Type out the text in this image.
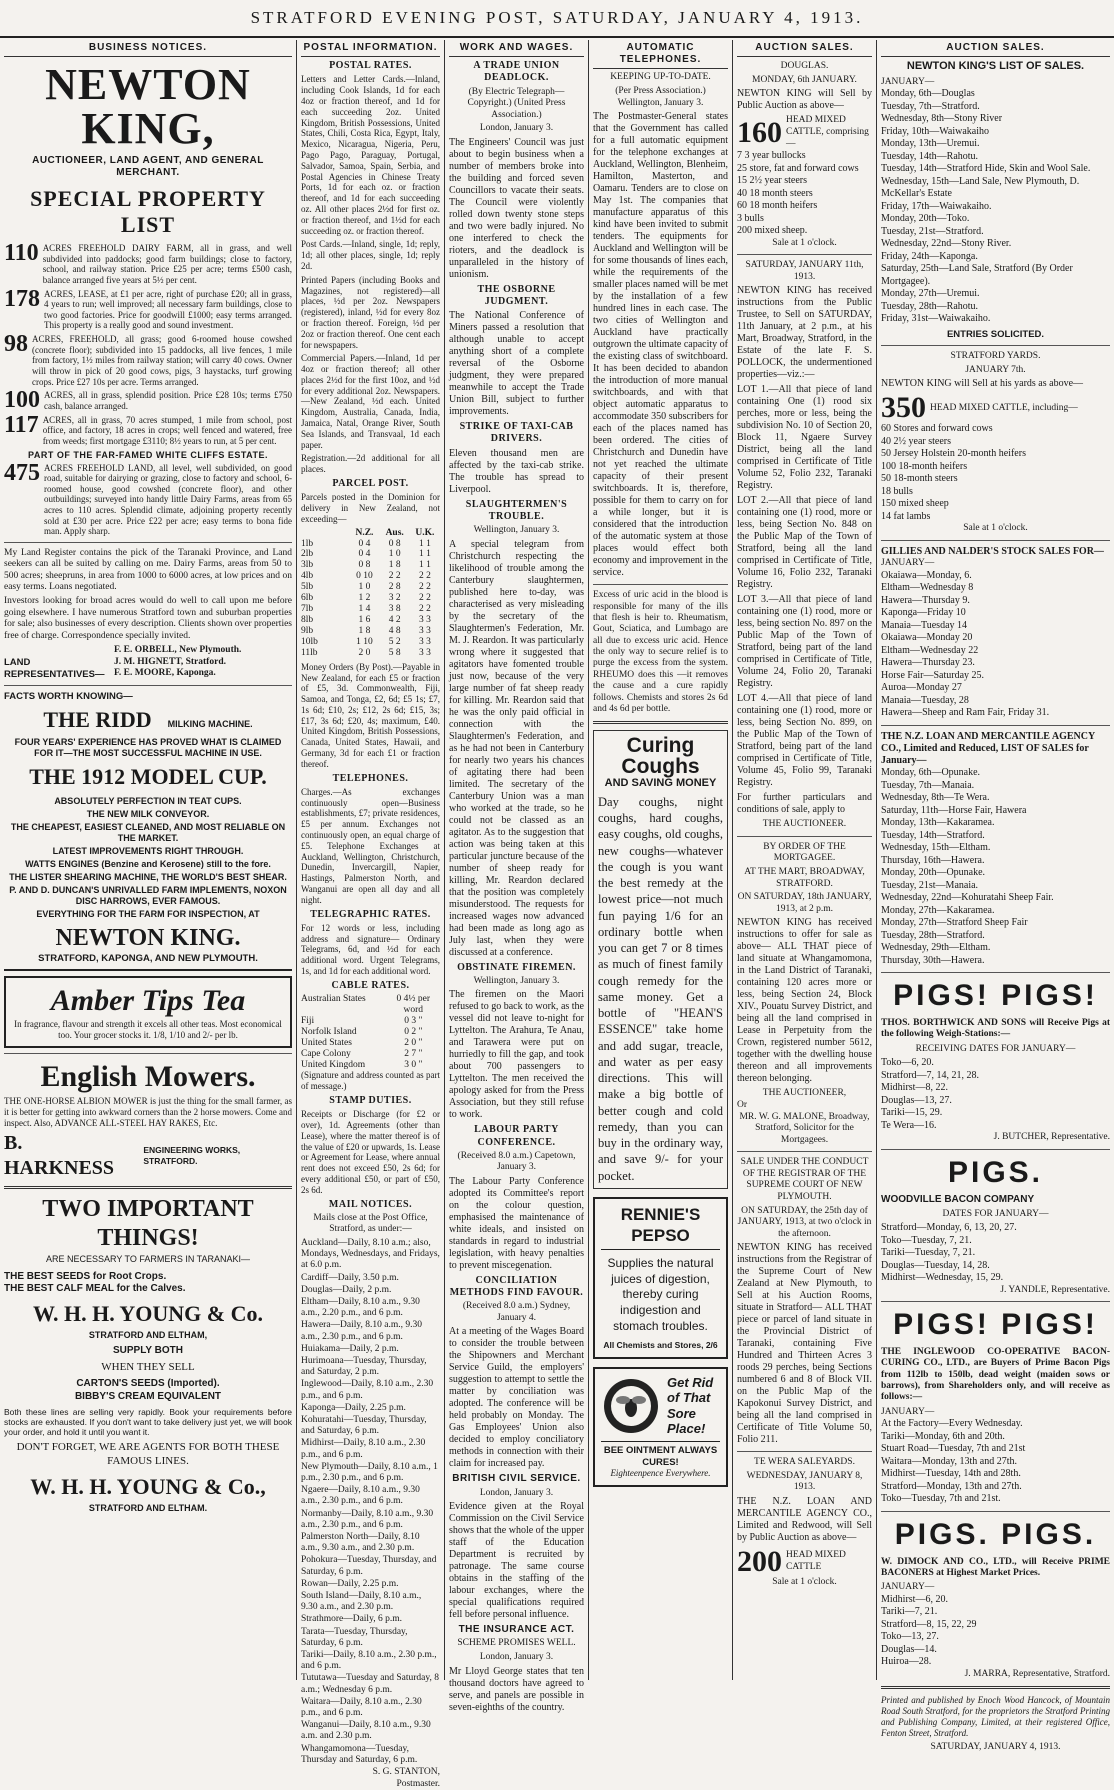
STRATFORD EVENING POST, SATURDAY, JANUARY 4, 1913.
BUSINESS NOTICES.
NEWTON KING,
AUCTIONEER, LAND AGENT, AND GENERAL MERCHANT.
SPECIAL PROPERTY LIST
110 ACRES FREEHOLD DAIRY FARM, all in grass, and well subdivided into paddocks; good farm buildings; close to factory, school, and railway station. Price £25 per acre; terms £500 cash, balance arranged five years at 5½ per cent.
178 ACRES, LEASE, at £1 per acre, right of purchase £20; all in grass, 4 years to run; well improved; all necessary farm buildings, close to two good factories. Price for goodwill £1000; easy terms arranged. This property is a really good and sound investment.
98 ACRES, FREEHOLD, all grass; good 6-roomed house cowshed (concrete floor); subdivided into 15 paddocks, all live fences, 1 mile from factory, 1½ miles from railway station; will carry 40 cows. Owner will throw in pick of 20 good cows, pigs, 3 haystacks, turf growing crops. Price £27 10s per acre. Terms arranged.
100 ACRES, all in grass, splendid position. Price £28 10s; terms £750 cash, balance arranged.
117 ACRES, all in grass, 70 acres stumped, 1 mile from school, post office, and factory, 18 acres in crops; well fenced and watered, free from weeds; first mortgage £3110; 8½ years to run, at 5 per cent.
PART OF THE FAR-FAMED WHITE CLIFFS ESTATE.
475 ACRES FREEHOLD LAND, all level, well subdivided, on good road, suitable for dairying or grazing, close to factory and school, 6-roomed house, good cowshed (concrete floor), and other outbuildings; surveyed into handy little Dairy Farms, areas from 65 acres to 110 acres. Splendid climate, adjoining property recently sold at £30 per acre. Price £22 per acre; easy terms to bona fide man. Apply sharp.
My Land Register contains the pick of the Taranaki Province, and Land seekers can all be suited by calling on me. Dairy Farms, areas from 50 to 500 acres; sheepruns, in area from 1000 to 6000 acres, at low prices and on easy terms. Loans negotiated.
Investors looking for broad acres would do well to call upon me before going elsewhere. I have numerous Stratford town and suburban properties for sale; also businesses of every description. Clients shown over properties free of charge. Correspondence specially invited.
LAND REPRESENTATIVES—
F. E. ORBELL, New Plymouth.
J. M. HIGNETT, Stratford.
F. E. MOORE, Kaponga.
FACTS WORTH KNOWING—
THE RIDD MILKING MACHINE.
FOUR YEARS' EXPERIENCE HAS PROVED WHAT IS CLAIMED FOR IT—THE MOST SUCCESSFUL MACHINE IN USE.
THE 1912 MODEL CUP.
ABSOLUTELY PERFECTION IN TEAT CUPS.
THE NEW MILK CONVEYOR.
THE CHEAPEST, EASIEST CLEANED, AND MOST RELIABLE ON THE MARKET.
LATEST IMPROVEMENTS RIGHT THROUGH.
WATTS ENGINES (Benzine and Kerosene) still to the fore.
THE LISTER SHEARING MACHINE, THE WORLD'S BEST SHEAR.
P. AND D. DUNCAN'S UNRIVALLED FARM IMPLEMENTS, NOXON DISC HARROWS, EVER FAMOUS.
EVERYTHING FOR THE FARM FOR INSPECTION, AT
NEWTON KING.
STRATFORD, KAPONGA, AND NEW PLYMOUTH.
Amber Tips Tea
In fragrance, flavour and strength it excels all other teas. Most economical too. Your grocer stocks it. 1/8, 1/10 and 2/- per lb.
English Mowers.
THE ONE-HORSE ALBION MOWER is just the thing for the small farmer, as it is better for getting into awkward corners than the 2 horse mowers. Come and inspect. Also, ADVANCE ALL-STEEL HAY RAKES, Etc.
B. HARKNESS
ENGINEERING WORKS, STRATFORD.
TWO IMPORTANT THINGS!
ARE NECESSARY TO FARMERS IN TARANAKI—
THE BEST SEEDS for Root Crops.
THE BEST CALF MEAL for the Calves.
W. H. H. YOUNG & Co.
STRATFORD AND ELTHAM,
SUPPLY BOTH
WHEN THEY SELL
CARTON'S SEEDS (Imported).
BIBBY'S CREAM EQUIVALENT
Both these lines are selling very rapidly. Book your requirements before stocks are exhausted. If you don't want to take delivery just yet, we will book your order, and hold it until you want it.
DON'T FORGET, WE ARE AGENTS FOR BOTH THESE FAMOUS LINES.
W. H. H. YOUNG & Co.,
STRATFORD AND ELTHAM.
POSTAL INFORMATION.
POSTAL RATES.
Letters and Letter Cards.—Inland, including Cook Islands, 1d for each 4oz or fraction thereof, and 1d for each succeeding 2oz. United Kingdom, British Possessions, United States, Chili, Costa Rica, Egypt, Italy, Mexico, Nicaragua, Nigeria, Peru, Pago Pago, Paraguay, Portugal, Salvador, Samoa, Spain, Serbia, and Postal Agencies in Chinese Treaty Ports, 1d for each oz. or fraction thereof, and 1d for each succeeding oz. All other places 2½d for first oz. or fraction thereof, and 1½d for each succeeding oz. or fraction thereof.
Post Cards.—Inland, single, 1d; reply, 1d; all other places, single, 1d; reply 2d.
Printed Papers (including Books and Magazines, not registered)—all places, ½d per 2oz. Newspapers (registered), inland, ½d for every 8oz or fraction thereof. Foreign, ½d per 2oz or fraction thereof. One cent each for newspapers.
Commercial Papers.—Inland, 1d per 4oz or fraction thereof; all other places 2½d for the first 10oz, and ½d for every additional 2oz. Newspapers.—New Zealand, ½d each. United Kingdom, Australia, Canada, India, Jamaica, Natal, Orange River, South Sea Islands, and Transvaal, 1d each paper.
Registration.—2d additional for all places.
PARCEL POST.
Parcels posted in the Dominion for delivery in New Zealand, not exceeding—
N.Z.	Aus.	U.K.
1lb	0 4	0 8	1 1
2lb	0 4	1 0	1 1
3lb	0 8	1 8	1 1
4lb	0 10	2 2	2 2
5lb	1 0	2 8	2 2
6lb	1 2	3 2	2 2
7lb	1 4	3 8	2 2
8lb	1 6	4 2	3 3
9lb	1 8	4 8	3 3
10lb	1 10	5 2	3 3
11lb	2 0	5 8	3 3
Money Orders (By Post).—Payable in New Zealand, for each £5 or fraction of £5, 3d. Commonwealth, Fiji, Samoa, and Tonga, £2, 6d; £5 1s; £7, 1s 6d; £10, 2s; £12, 2s 6d; £15, 3s; £17, 3s 6d; £20, 4s; maximum, £40. United Kingdom, British Possessions, Canada, United States, Hawaii, and Germany, 3d for each £1 or fraction thereof.
TELEPHONES.
Charges.—As exchanges continuously open—Business establishments, £7; private residences, £5 per annum. Exchanges not continuously open, an equal charge of £5. Telephone Exchanges at Auckland, Wellington, Christchurch, Dunedin, Invercargill, Napier, Hastings, Palmerston North, and Wanganui are open all day and all night.
TELEGRAPHIC RATES.
For 12 words or less, including address and signature— Ordinary Telegrams, 6d, and ½d for each additional word. Urgent Telegrams, 1s, and 1d for each additional word.
CABLE RATES.
Australian States	0 4½ per word
Fiji	0 3 "
Norfolk Island	0 2 "
United States	2 0 "
Cape Colony	2 7 "
United Kingdom	3 0 "
(Signature and address counted as part of message.)
STAMP DUTIES.
Receipts or Discharge (for £2 or over), 1d. Agreements (other than Lease), where the matter thereof is of the value of £20 or upwards, 1s. Lease or Agreement for Lease, where annual rent does not exceed £50, 2s 6d; for every additional £50, or part of £50, 2s 6d.
MAIL NOTICES.
Mails close at the Post Office, Stratford, as under:—
Auckland—Daily, 8.10 a.m.; also, Mondays, Wednesdays, and Fridays, at 6.0 p.m.
Cardiff—Daily, 3.50 p.m.
Douglas—Daily, 2 p.m.
Eltham—Daily, 8.10 a.m., 9.30 a.m., 2.20 p.m., and 6 p.m.
Hawera—Daily, 8.10 a.m., 9.30 a.m., 2.30 p.m., and 6 p.m.
Huiakama—Daily, 2 p.m.
Hurimoana—Tuesday, Thursday, and Saturday, 2 p.m.
Inglewood—Daily, 8.10 a.m., 2.30 p.m., and 6 p.m.
Kaponga—Daily, 2.25 p.m.
Kohuratahi—Tuesday, Thursday, and Saturday, 6 p.m.
Midhirst—Daily, 8.10 a.m., 2.30 p.m., and 6 p.m.
New Plymouth—Daily, 8.10 a.m., 1 p.m., 2.30 p.m., and 6 p.m.
Ngaere—Daily, 8.10 a.m., 9.30 a.m., 2.30 p.m., and 6 p.m.
Normanby—Daily, 8.10 a.m., 9.30 a.m., 2.30 p.m., and 6 p.m.
Palmerston North—Daily, 8.10 a.m., 9.30 a.m., and 2.30 p.m.
Pohokura—Tuesday, Thursday, and Saturday, 6 p.m.
Rowan—Daily, 2.25 p.m.
South Island—Daily, 8.10 a.m., 9.30 a.m., and 2.30 p.m.
Strathmore—Daily, 6 p.m.
Tarata—Tuesday, Thursday, Saturday, 6 p.m.
Tariki—Daily, 8.10 a.m., 2.30 p.m., and 6 p.m.
Tututawa—Tuesday and Saturday, 8 a.m.; Wednesday 6 p.m.
Waitara—Daily, 8.10 a.m., 2.30 p.m., and 6 p.m.
Wanganui—Daily, 8.10 a.m., 9.30 a.m. and 2.30 p.m.
Whangamomona—Tuesday, Thursday and Saturday, 6 p.m.
S. G. STANTON,
Postmaster.
WORK AND WAGES.
A TRADE UNION DEADLOCK.
(By Electric Telegraph—Copyright.) (United Press Association.)
London, January 3.
The Engineers' Council was just about to begin business when a number of members broke into the building and forced seven Councillors to vacate their seats. The Council were violently rolled down twenty stone steps and two were badly injured. No one interfered to check the rioters, and the deadlock is unparalleled in the history of unionism.
THE OSBORNE JUDGMENT.
The National Conference of Miners passed a resolution that although unable to accept anything short of a complete reversal of the Osborne judgment, they were prepared meanwhile to accept the Trade Union Bill, subject to further improvements.
STRIKE OF TAXI-CAB DRIVERS.
Eleven thousand men are affected by the taxi-cab strike. The trouble has spread to Liverpool.
SLAUGHTERMEN'S TROUBLE.
Wellington, January 3.
A special telegram from Christchurch respecting the likelihood of trouble among the Canterbury slaughtermen, published here to-day, was characterised as very misleading by the secretary of the Slaughtermen's Federation, Mr. M. J. Reardon. It was particularly wrong where it suggested that agitators have fomented trouble just now, because of the very large number of fat sheep ready for killing. Mr. Reardon said that he was the only paid official in connection with the Slaughtermen's Federation, and as he had not been in Canterbury for nearly two years his chances of agitating there had been limited. The secretary of the Canterbury Union was a man who worked at the trade, so he could not be classed as an agitator. As to the suggestion that action was being taken at this particular juncture because of the number of sheep ready for killing, Mr. Reardon declared that the position was completely misunderstood. The requests for increased wages now advanced had been made as long ago as July last, when they were discussed at a conference.
OBSTINATE FIREMEN.
Wellington, January 3.
The firemen on the Maori refused to go back to work, as the vessel did not leave to-night for Lyttelton. The Arahura, Te Anau, and Tarawera were put on hurriedly to fill the gap, and took about 700 passengers to Lyttelton. The men received the apology asked for from the Press Association, but they still refuse to work.
LABOUR PARTY CONFERENCE.
(Received 8.0 a.m.) Capetown, January 3.
The Labour Party Conference adopted its Committee's report on the colour question, emphasised the maintenance of white ideals, and insisted on standards in regard to industrial legislation, with heavy penalties to prevent miscegenation.
CONCILIATION METHODS FIND FAVOUR.
(Received 8.0 a.m.) Sydney, January 4.
At a meeting of the Wages Board to consider the trouble between the Shipowners and Merchant Service Guild, the employers' suggestion to attempt to settle the matter by conciliation was adopted. The conference will be held probably on Monday. The Gas Employees' Union also decided to employ conciliatory methods in connection with their claim for increased pay.
BRITISH CIVIL SERVICE.
London, January 3.
Evidence given at the Royal Commission on the Civil Service shows that the whole of the upper staff of the Education Department is recruited by patronage. The same course obtains in the staffing of the labour exchanges, where the special qualifications required fell before personal influence.
THE INSURANCE ACT.
SCHEME PROMISES WELL.
London, January 3.
Mr Lloyd George states that ten thousand doctors have agreed to serve, and panels are possible in seven-eighths of the country.
AUTOMATIC TELEPHONES.
KEEPING UP-TO-DATE.
(Per Press Association.) Wellington, January 3.
The Postmaster-General states that the Government has called for a full automatic equipment for the telephone exchanges at Auckland, Wellington, Blenheim, Hamilton, Masterton, and Oamaru. Tenders are to close on May 1st. The companies that manufacture apparatus of this kind have been invited to submit tenders. The equipments for Auckland and Wellington will be for some thousands of lines each, while the requirements of the smaller places named will be met by the installation of a few hundred lines in each case. The two cities of Wellington and Auckland have practically outgrown the ultimate capacity of the existing class of switchboard. It has been decided to abandon the introduction of more manual switchboards, and with that object automatic apparatus to accommodate 350 subscribers for each of the places named has been ordered. The cities of Christchurch and Dunedin have not yet reached the ultimate capacity of their present switchboards. It is, therefore, possible for them to carry on for a while longer, but it is considered that the introduction of the automatic system at those places would effect both economy and improvement in the service.
Excess of uric acid in the blood is responsible for many of the ills that flesh is heir to. Rheumatism, Gout, Sciatica, and Lumbago are all due to excess uric acid. Hence the only way to secure relief is to purge the excess from the system. RHEUMO does this —it removes the cause and a cure rapidly follows. Chemists and stores 2s 6d and 4s 6d per bottle.
Curing Coughs
AND SAVING MONEY
Day coughs, night coughs, hard coughs, easy coughs, old coughs, new coughs—whatever the cough is you want the best remedy at the lowest price—not much fun paying 1/6 for an ordinary bottle when you can get 7 or 8 times as much of finest family cough remedy for the same money. Get a bottle of "HEAN'S ESSENCE" take home and add sugar, treacle, and water as per easy directions. This will make a big bottle of better cough and cold remedy, than you can buy in the ordinary way, and save 9/- for your pocket.
RENNIE'S PEPSO
Supplies the natural juices of digestion, thereby curing indigestion and stomach troubles.
All Chemists and Stores, 2/6
Get Rid of That Sore Place!
BEE OINTMENT ALWAYS CURES!
Eighteenpence Everywhere.
AUCTION SALES.
DOUGLAS.
MONDAY, 6th JANUARY.
NEWTON KING will Sell by Public Auction as above—
160 HEAD MIXED CATTLE, comprising—
7 3 year bullocks
25 store, fat and forward cows
15 2½ year steers
40 18 month steers
60 18 month heifers
3 bulls
200 mixed sheep.
Sale at 1 o'clock.
SATURDAY, JANUARY 11th, 1913.
NEWTON KING has received instructions from the Public Trustee, to Sell on SATURDAY, 11th January, at 2 p.m., at his Mart, Broadway, Stratford, in the Estate of the late F. S. POLLOCK, the undermentioned properties—viz.:—
LOT 1.—All that piece of land containing One (1) rood six perches, more or less, being the subdivision No. 10 of Section 20, Block 11, Ngaere Survey District, being all the land comprised in Certificate of Title Volume 52, Folio 232, Taranaki Registry.
LOT 2.—All that piece of land containing one (1) rood, more or less, being Section No. 848 on the Public Map of the Town of Stratford, being all the land comprised in Certificate of Title, Volume 16, Folio 232, Taranaki Registry.
LOT 3.—All that piece of land containing one (1) rood, more or less, being section No. 897 on the Public Map of the Town of Stratford, being part of the land comprised in Certificate of Title, Volume 24, Folio 20, Taranaki Registry.
LOT 4.—All that piece of land containing one (1) rood, more or less, being Section No. 899, on the Public Map of the Town of Stratford, being part of the land comprised in Certificate of Title, Volume 45, Folio 99, Taranaki Registry.
For further particulars and conditions of sale, apply to
THE AUCTIONEER.
BY ORDER OF THE MORTGAGEE.
AT THE MART, BROADWAY, STRATFORD.
ON SATURDAY, 18th JANUARY, 1913, at 2 p.m.
NEWTON KING has received instructions to offer for sale as above— ALL THAT piece of land situate at Whangamomona, in the Land District of Taranaki, containing 120 acres more or less, being Section 24, Block XIV., Pouatu Survey District, and being all the land comprised in Lease in Perpetuity from the Crown, registered number 5612, together with the dwelling house thereon and all improvements thereon belonging.
THE AUCTIONEER,
Or
MR. W. G. MALONE, Broadway, Stratford, Solicitor for the Mortgagees.
SALE UNDER THE CONDUCT OF THE REGISTRAR OF THE SUPREME COURT OF NEW PLYMOUTH.
ON SATURDAY, the 25th day of JANUARY, 1913, at two o'clock in the afternoon.
NEWTON KING has received instructions from the Registrar of the Supreme Court of New Zealand at New Plymouth, to Sell at his Auction Rooms, situate in Stratford— ALL THAT piece or parcel of land situate in the Provincial District of Taranaki, containing Five Hundred and Thirteen Acres 3 roods 29 perches, being Sections numbered 6 and 8 of Block VII. on the Public Map of the Kapokonui Survey District, and being all the land comprised in Certificate of Title Volume 50, Folio 211.
TE WERA SALEYARDS.
WEDNESDAY, JANUARY 8, 1913.
THE N.Z. LOAN AND MERCANTILE AGENCY CO., Limited and Redwood, will Sell by Public Auction as above—
200 HEAD MIXED CATTLE
Sale at 1 o'clock.
AUCTION SALES.
NEWTON KING'S LIST OF SALES.
JANUARY—
Monday, 6th—Douglas
Tuesday, 7th—Stratford.
Wednesday, 8th—Stony River
Friday, 10th—Waiwakaiho
Monday, 13th—Uremui.
Tuesday, 14th—Rahotu.
Tuesday, 14th—Stratford Hide, Skin and Wool Sale.
Wednesday, 15th—Land Sale, New Plymouth, D. McKellar's Estate
Friday, 17th—Waiwakaiho.
Monday, 20th—Toko.
Tuesday, 21st—Stratford.
Wednesday, 22nd—Stony River.
Friday, 24th—Kaponga.
Saturday, 25th—Land Sale, Stratford (By Order Mortgagee).
Monday, 27th—Uremui.
Tuesday, 28th—Rahotu.
Friday, 31st—Waiwakaiho.
ENTRIES SOLICITED.
STRATFORD YARDS.
JANUARY 7th.
NEWTON KING will Sell at his yards as above—
350 HEAD MIXED CATTLE, including—
60 Stores and forward cows
40 2½ year steers
50 Jersey Holstein 20-month heifers
100 18-month heifers
50 18-month steers
18 bulls
150 mixed sheep
14 fat lambs
Sale at 1 o'clock.
GILLIES AND NALDER'S STOCK SALES FOR—
JANUARY—
Okaiawa—Monday, 6.
Eltham—Wednesday 8
Hawera—Thursday 9.
Kaponga—Friday 10
Manaia—Tuesday 14
Okaiawa—Monday 20
Eltham—Wednesday 22
Hawera—Thursday 23.
Horse Fair—Saturday 25.
Auroa—Monday 27
Manaia—Tuesday, 28
Hawera—Sheep and Ram Fair, Friday 31.
THE N.Z. LOAN AND MERCANTILE AGENCY CO., Limited and Reduced, LIST OF SALES for January—
Monday, 6th—Opunake.
Tuesday, 7th—Manaia.
Wednesday, 8th—Te Wera.
Saturday, 11th—Horse Fair, Hawera
Monday, 13th—Kakaramea.
Tuesday, 14th—Stratford.
Wednesday, 15th—Eltham.
Thursday, 16th—Hawera.
Monday, 20th—Opunake.
Tuesday, 21st—Manaia.
Wednesday, 22nd—Kohuratahi Sheep Fair.
Monday, 27th—Kakaramea.
Monday, 27th—Stratford Sheep Fair
Tuesday, 28th—Stratford.
Wednesday, 29th—Eltham.
Thursday, 30th—Hawera.
PIGS! PIGS!
THOS. BORTHWICK AND SONS will Receive Pigs at the following Weigh-Stations:—
RECEIVING DATES FOR JANUARY—
Toko—6, 20.
Stratford—7, 14, 21, 28.
Midhirst—8, 22.
Douglas—13, 27.
Tariki—15, 29.
Te Wera—16.
J. BUTCHER, Representative.
PIGS.
WOODVILLE BACON COMPANY
DATES FOR JANUARY—
Stratford—Monday, 6, 13, 20, 27.
Toko—Tuesday, 7, 21.
Tariki—Tuesday, 7, 21.
Douglas—Tuesday, 14, 28.
Midhirst—Wednesday, 15, 29.
J. YANDLE, Representative.
PIGS! PIGS!
THE INGLEWOOD CO-OPERATIVE BACON-CURING CO., LTD., are Buyers of Prime Bacon Pigs from 112lb to 150lb, dead weight (maiden sows or barrows), from Shareholders only, and will receive as follows:—
JANUARY—
At the Factory—Every Wednesday.
Tariki—Monday, 6th and 20th.
Stuart Road—Tuesday, 7th and 21st
Waitara—Monday, 13th and 27th.
Midhirst—Tuesday, 14th and 28th.
Stratford—Monday, 13th and 27th.
Toko—Tuesday, 7th and 21st.
PIGS. PIGS.
W. DIMOCK AND CO., LTD., will Receive PRIME BACONERS at Highest Market Prices.
JANUARY—
Midhirst—6, 20.
Tariki—7, 21.
Stratford—8, 15, 22, 29
Toko—13, 27.
Douglas—14.
Huiroa—28.
J. MARRA, Representative, Stratford.
Printed and published by Enoch Wood Hancock, of Mountain Road South Stratford, for the proprietors the Stratford Printing and Publishing Company, Limited, at their registered Office, Fenton Street, Stratford.
SATURDAY, JANUARY 4, 1913.
